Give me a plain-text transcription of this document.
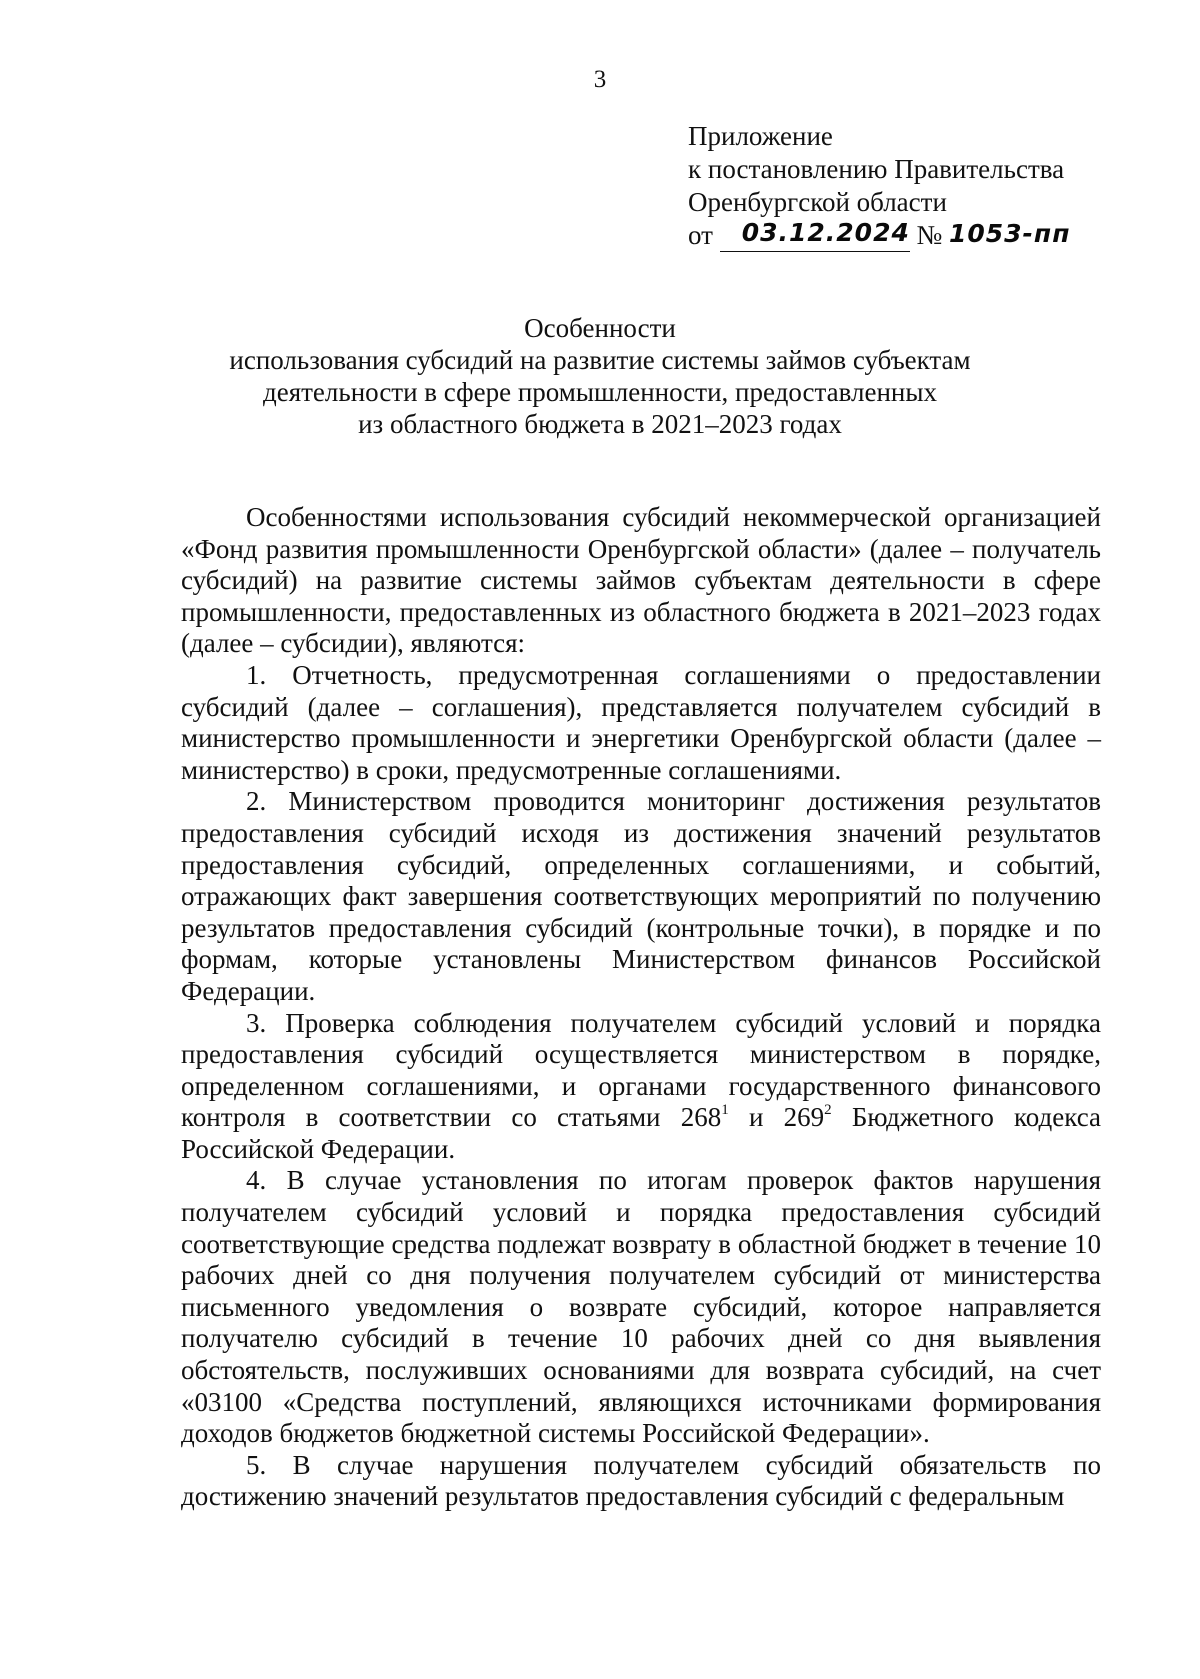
3
Приложение
к постановлению Правительства
Оренбургской области
от 03.12.2024 № 1053-пп
Особенности
использования субсидий на развитие системы займов субъектам
деятельности в сфере промышленности, предоставленных
из областного бюджета в 2021–2023 годах

Особенностями использования субсидий некоммерческой организацией «Фонд развития промышленности Оренбургской области» (далее – получатель субсидий) на развитие системы займов субъектам деятельности в сфере промышленности, предоставленных из областного бюджета в 2021–2023 годах (далее – субсидии), являются:

1. Отчетность, предусмотренная соглашениями о предоставлении субсидий (далее – соглашения), представляется получателем субсидий в министерство промышленности и энергетики Оренбургской области (далее – министерство) в сроки, предусмотренные соглашениями.

2. Министерством проводится мониторинг достижения результатов предоставления субсидий исходя из достижения значений результатов предоставления субсидий, определенных соглашениями, и событий, отражающих факт завершения соответствующих мероприятий по получению результатов предоставления субсидий (контрольные точки), в порядке и по формам, которые установлены Министерством финансов Российской Федерации.

3. Проверка соблюдения получателем субсидий условий и порядка предоставления субсидий осуществляется министерством в порядке, определенном соглашениями, и органами государственного финансового контроля в соответствии со статьями $268^1$ и $269^2$ Бюджетного кодекса Российской Федерации.

4. В случае установления по итогам проверок фактов нарушения получателем субсидий условий и порядка предоставления субсидий соответствующие средства подлежат возврату в областной бюджет в течение 10 рабочих дней со дня получения получателем субсидий от министерства письменного уведомления о возврате субсидий, которое направляется получателю субсидий в течение 10 рабочих дней со дня выявления обстоятельств, послуживших основаниями для возврата субсидий, на счет «03100 «Средства поступлений, являющихся источниками формирования доходов бюджетов бюджетной системы Российской Федерации».

5. В случае нарушения получателем субсидий обязательств по достижению значений результатов предоставления субсидий с федеральным
